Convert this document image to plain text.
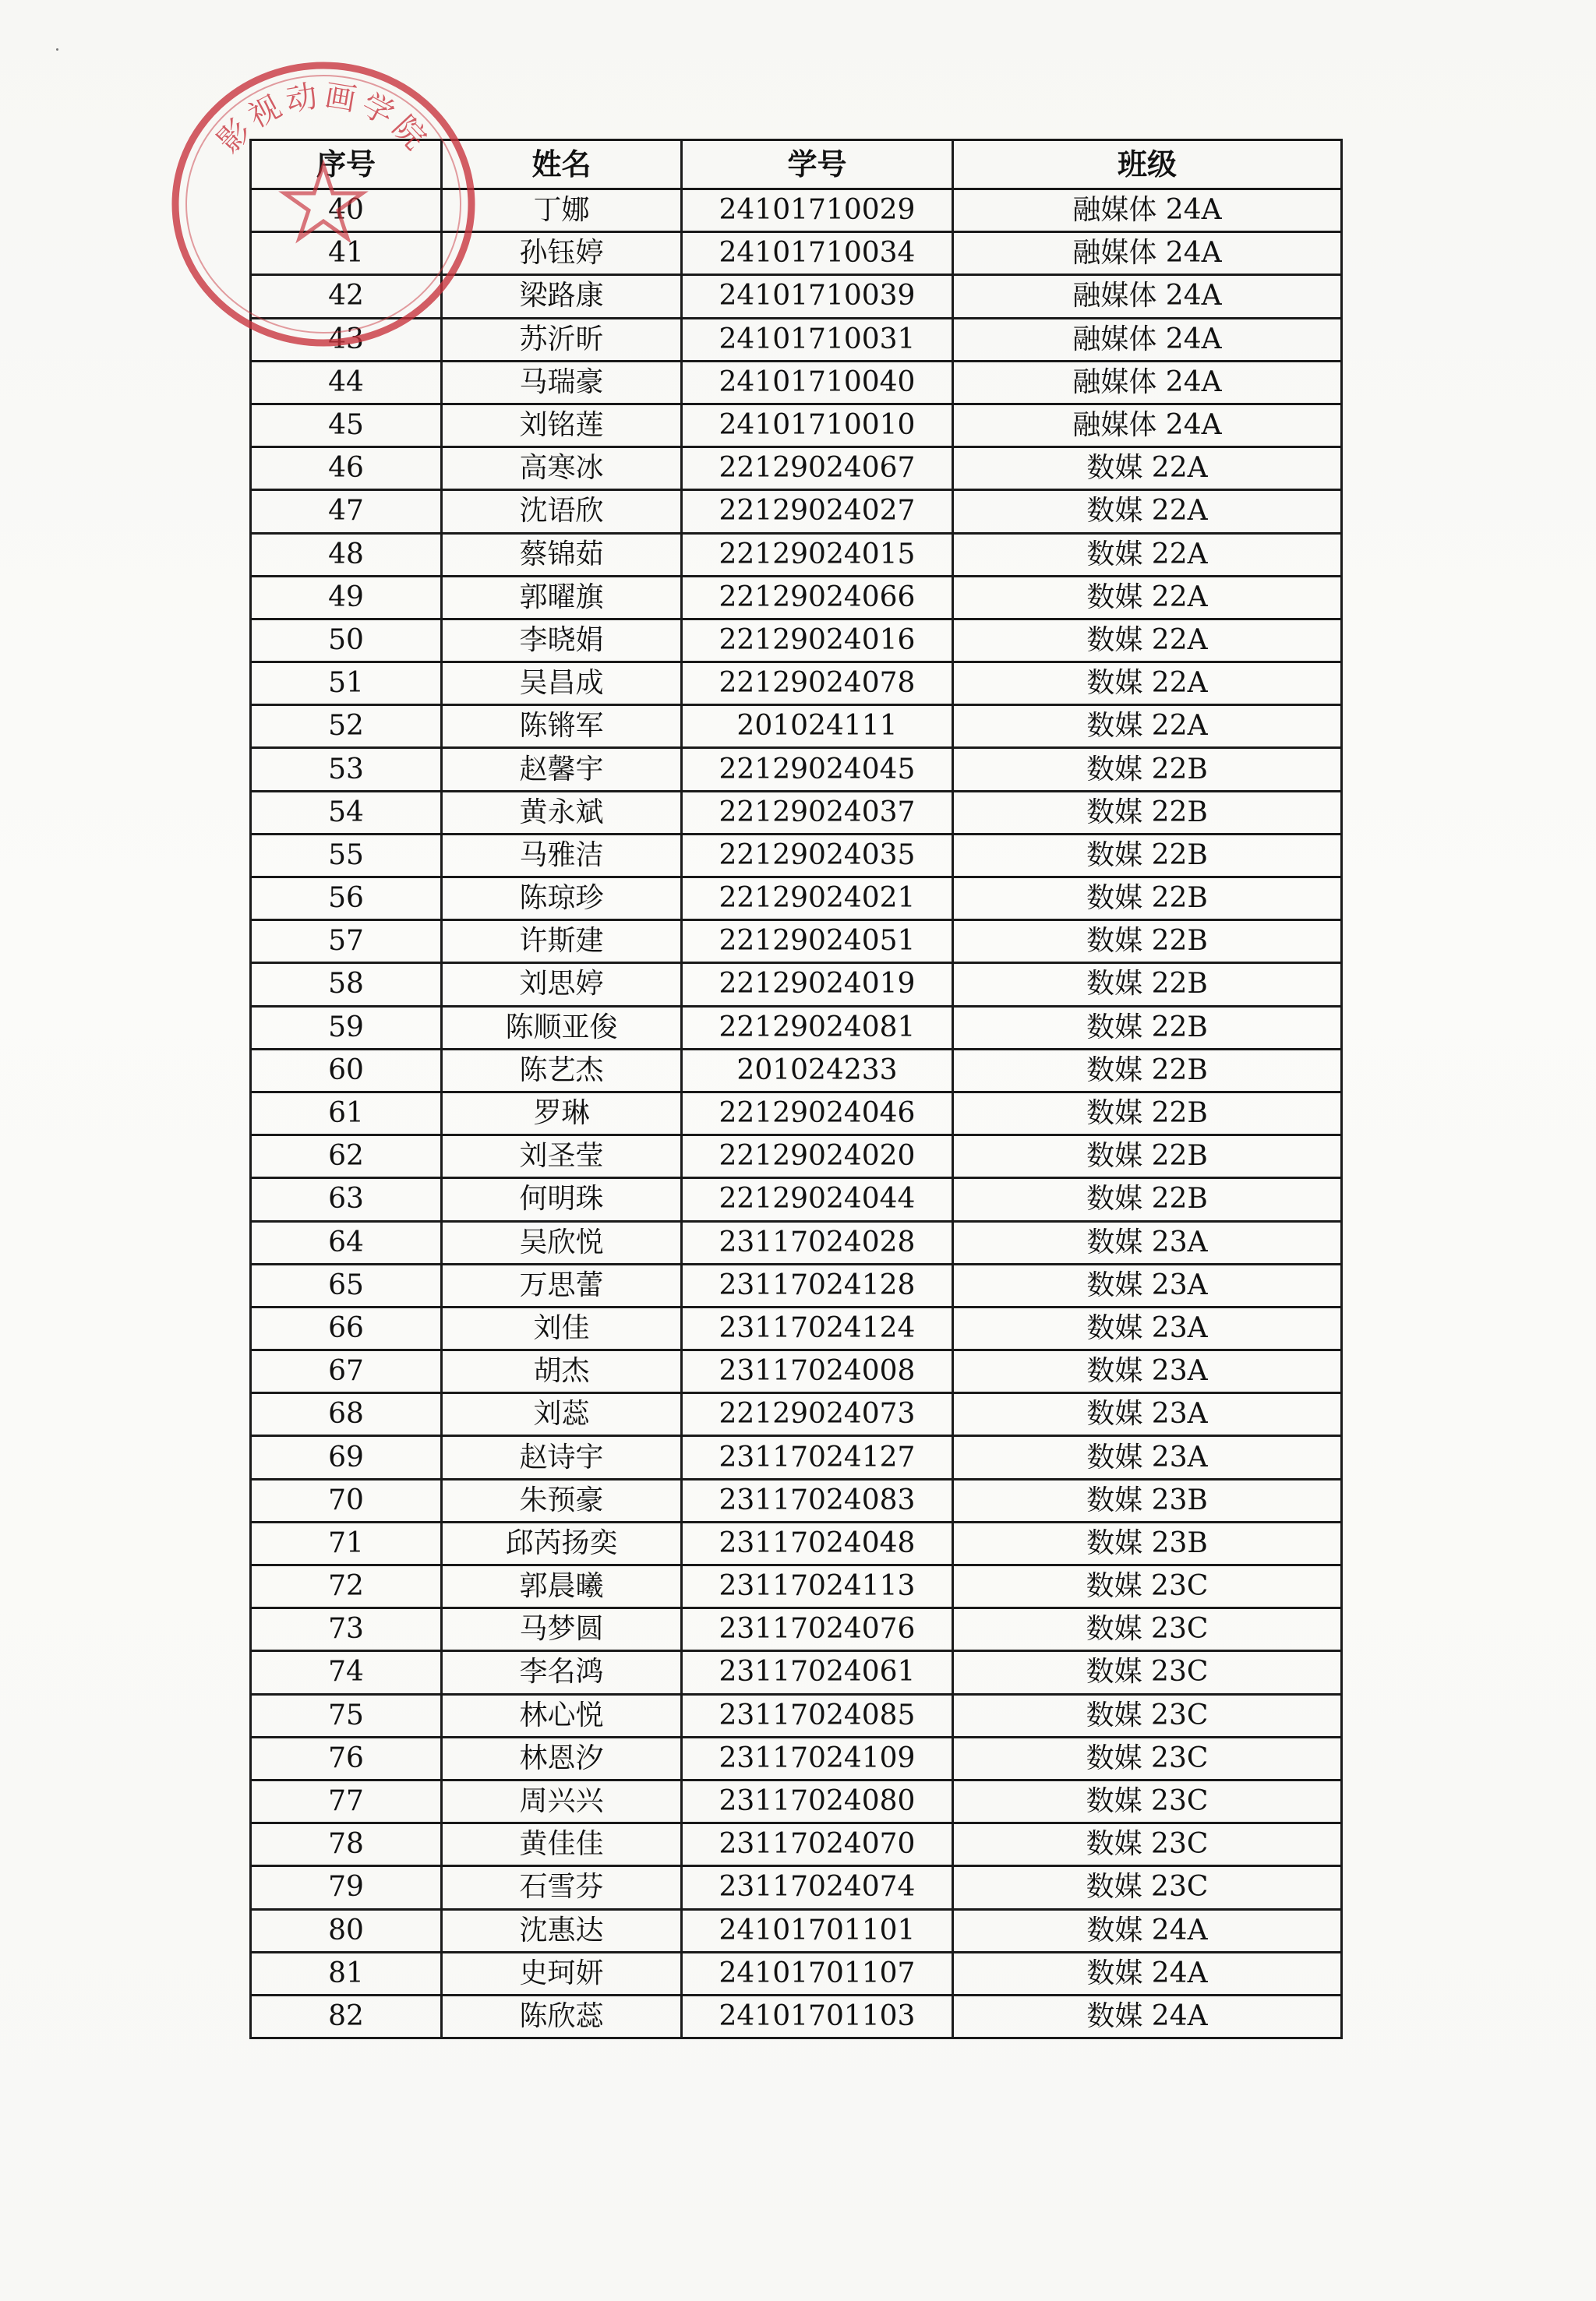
序号	姓名	学号	班级
40	丁娜	24101710029	融媒体 24A
41	孙钰婷	24101710034	融媒体 24A
42	梁路康	24101710039	融媒体 24A
43	苏沂昕	24101710031	融媒体 24A
44	马瑞豪	24101710040	融媒体 24A
45	刘铭莲	24101710010	融媒体 24A
46	高寒冰	22129024067	数媒 22A
47	沈语欣	22129024027	数媒 22A
48	蔡锦茹	22129024015	数媒 22A
49	郭曜旗	22129024066	数媒 22A
50	李晓娟	22129024016	数媒 22A
51	吴昌成	22129024078	数媒 22A
52	陈锵军	201024111	数媒 22A
53	赵馨宇	22129024045	数媒 22B
54	黄永斌	22129024037	数媒 22B
55	马雅洁	22129024035	数媒 22B
56	陈琼珍	22129024021	数媒 22B
57	许斯建	22129024051	数媒 22B
58	刘思婷	22129024019	数媒 22B
59	陈顺亚俊	22129024081	数媒 22B
60	陈艺杰	201024233	数媒 22B
61	罗琳	22129024046	数媒 22B
62	刘圣莹	22129024020	数媒 22B
63	何明珠	22129024044	数媒 22B
64	吴欣悦	23117024028	数媒 23A
65	万思蕾	23117024128	数媒 23A
66	刘佳	23117024124	数媒 23A
67	胡杰	23117024008	数媒 23A
68	刘蕊	22129024073	数媒 23A
69	赵诗宇	23117024127	数媒 23A
70	朱预豪	23117024083	数媒 23B
71	邱芮扬奕	23117024048	数媒 23B
72	郭晨曦	23117024113	数媒 23C
73	马梦圆	23117024076	数媒 23C
74	李名鸿	23117024061	数媒 23C
75	林心悦	23117024085	数媒 23C
76	林恩汐	23117024109	数媒 23C
77	周兴兴	23117024080	数媒 23C
78	黄佳佳	23117024070	数媒 23C
79	石雪芬	23117024074	数媒 23C
80	沈惠达	24101701101	数媒 24A
81	史珂妍	24101701107	数媒 24A
82	陈欣蕊	24101701103	数媒 24A
影视动画学院
